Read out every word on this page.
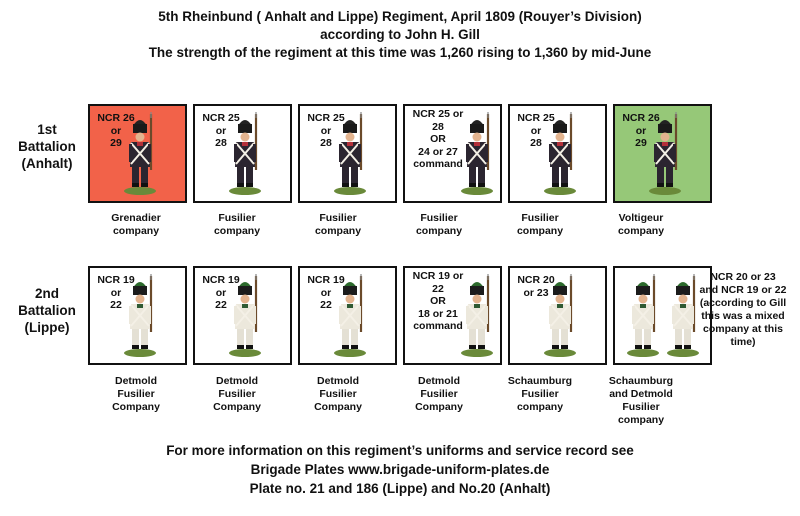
5th Rheinbund ( Anhalt and Lippe) Regiment, April 1809 (Rouyer’s Division)
according to John H. Gill
The strength of the regiment at this time was 1,260 rising to 1,360 by mid-June
1st
Battalion
(Anhalt)
NCR 26
or
29
NCR 25
or
28
NCR 25
or
28
NCR 25 or 28
OR
24 or 27
command
NCR 25
or
28
NCR 26
or
29
Grenadier
company
Fusilier
company
Fusilier
company
Fusilier
company
Fusilier
company
Voltigeur
company
2nd
Battalion
(Lippe)
NCR 19
or
22
NCR 19
or
22
NCR 19
or
22
NCR 19 or 22
OR
18 or 21
command
NCR 20
or 23
Detmold
Fusilier
Company
Detmold
Fusilier
Company
Detmold
Fusilier
Company
Detmold
Fusilier
Company
Schaumburg
Fusilier
company
Schaumburg
and Detmold
Fusilier
company
NCR 20 or 23
and NCR 19 or 22
(according to Gill
this was a mixed
company at this
time)
For more information on this regiment’s uniforms and service record see
Brigade Plates www.brigade-uniform-plates.de
Plate no. 21 and 186 (Lippe) and No.20 (Anhalt)
